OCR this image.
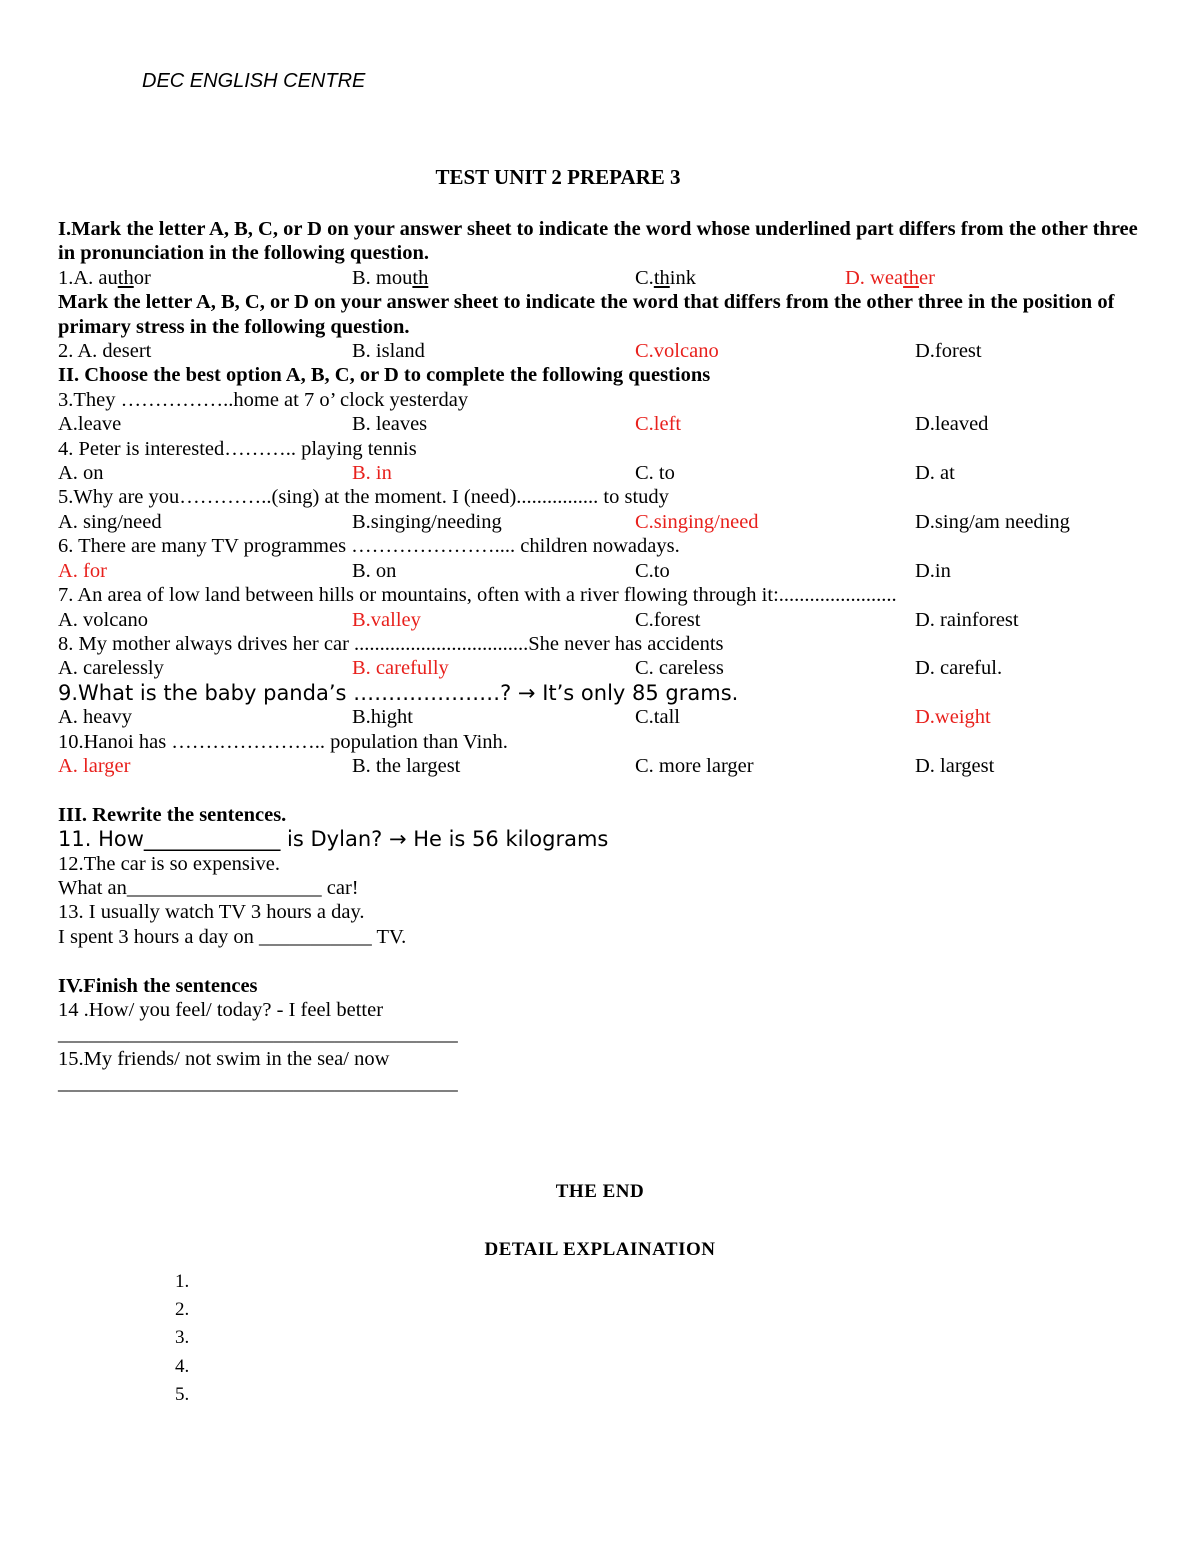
DEC ENGLISH CENTRE
TEST UNIT 2 PREPARE 3
I.Mark the letter A, B, C, or D on your answer sheet to indicate the word whose underlined part differs from the other three in pronunciation in the following question.
1.A. author	B. mouth	C.think	D. weather
Mark the letter A, B, C, or D on your answer sheet to indicate the word that differs from the other three in the position of primary stress in the following question.
2. A. desert	B. island	C.volcano	D.forest
II. Choose the best option A, B, C, or D to complete the following questions
3.They ……………..home at 7 o’ clock yesterday
A.leave	B. leaves	C.left	D.leaved
4. Peter is interested……….. playing tennis
A. on	B. in	C. to	D. at
5.Why are you…………..(sing) at the moment. I (need)................ to study
A. sing/need	B.singing/needing	C.singing/need	D.sing/am needing
6. There are many TV programmes ………………….... children nowadays.
A. for	B. on	C.to	D.in
7. An area of low land between hills or mountains, often with a river flowing through it:.......................
A. volcano	B.valley	C.forest	D. rainforest
8. My mother always drives her car ..................................She never has accidents
A. carelessly	B. carefully	C. careless	D. careful.
9.What is the baby panda’s …………………? → It’s only 85 grams.
A. heavy	B.hight	C.tall	D.weight
10.Hanoi has ………………….. population than Vinh.
A. larger	B. the largest	C. more larger	D. largest
III. Rewrite the sentences.
11. How_____________ is Dylan? → He is 56 kilograms
12.The car is so expensive.
What an___________________ car!
13. I usually watch TV 3 hours a day.
I spent 3 hours a day on ___________ TV.
IV.Finish the sentences
14 .How/ you feel/ today? - I feel better
_______________________________________
15.My friends/ not swim in the sea/ now
_______________________________________
THE END
DETAIL EXPLAINATION
1.
2.
3.
4.
5.
